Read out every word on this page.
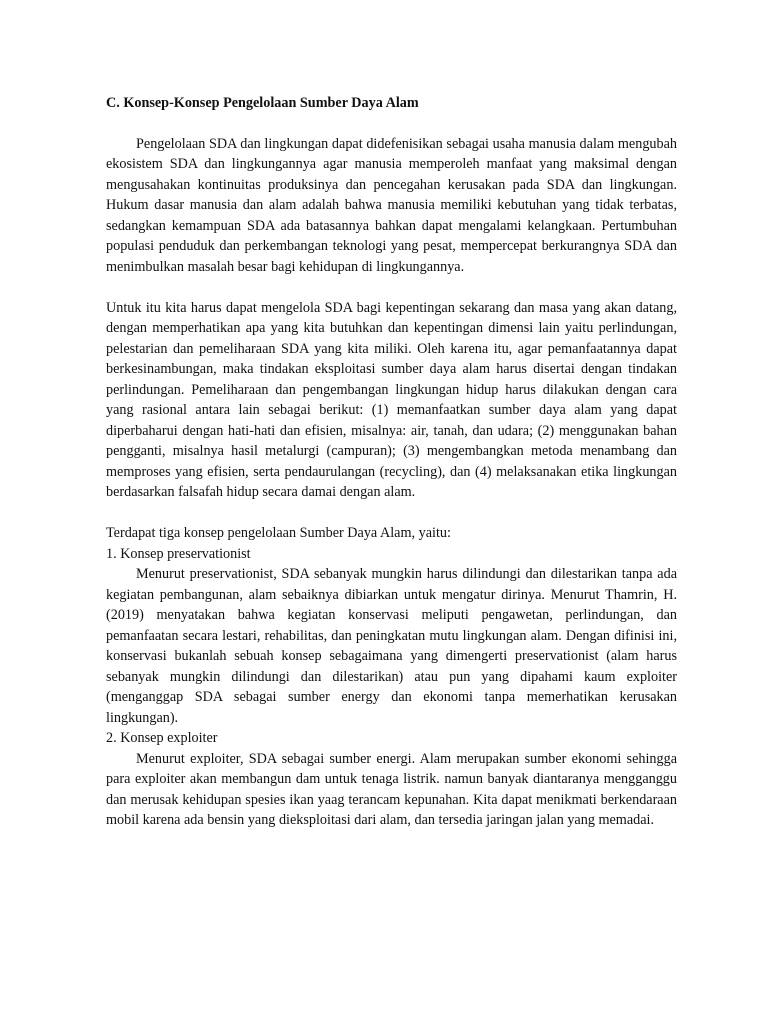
C. Konsep-Konsep Pengelolaan Sumber Daya Alam

Pengelolaan SDA dan lingkungan dapat didefenisikan sebagai usaha manusia dalam mengubah ekosistem SDA dan lingkungannya agar manusia memperoleh manfaat yang maksimal dengan mengusahakan kontinuitas produksinya dan pencegahan kerusakan pada SDA dan lingkungan. Hukum dasar manusia dan alam adalah bahwa manusia memiliki kebutuhan yang tidak terbatas, sedangkan kemampuan SDA ada batasannya bahkan dapat mengalami kelangkaan. Pertumbuhan populasi penduduk dan perkembangan teknologi yang pesat, mempercepat berkurangnya SDA dan menimbulkan masalah besar bagi kehidupan di lingkungannya.

Untuk itu kita harus dapat mengelola SDA bagi kepentingan sekarang dan masa yang akan datang, dengan memperhatikan apa yang kita butuhkan dan kepentingan dimensi lain yaitu perlindungan, pelestarian dan pemeliharaan SDA yang kita miliki. Oleh karena itu, agar pemanfaatannya dapat berkesinambungan, maka tindakan eksploitasi sumber daya alam harus disertai dengan tindakan perlindungan. Pemeliharaan dan pengembangan lingkungan hidup harus dilakukan dengan cara yang rasional antara lain sebagai berikut: (1) memanfaatkan sumber daya alam yang dapat diperbaharui dengan hati-hati dan efisien, misalnya: air, tanah, dan udara; (2) menggunakan bahan pengganti, misalnya hasil metalurgi (campuran); (3) mengembangkan metoda menambang dan memproses yang efisien, serta pendaurulangan (recycling), dan (4) melaksanakan etika lingkungan berdasarkan falsafah hidup secara damai dengan alam.

Terdapat tiga konsep pengelolaan Sumber Daya Alam, yaitu:

1. Konsep preservationist

Menurut preservationist, SDA sebanyak mungkin harus dilindungi dan dilestarikan tanpa ada kegiatan pembangunan, alam sebaiknya dibiarkan untuk mengatur dirinya. Menurut Thamrin, H. (2019) menyatakan bahwa kegiatan konservasi meliputi pengawetan, perlindungan, dan pemanfaatan secara lestari, rehabilitas, dan peningkatan mutu lingkungan alam. Dengan difinisi ini, konservasi bukanlah sebuah konsep sebagaimana yang dimengerti preservationist (alam harus sebanyak mungkin dilindungi dan dilestarikan) atau pun yang dipahami kaum exploiter (menganggap SDA sebagai sumber energy dan ekonomi tanpa memerhatikan kerusakan lingkungan).

2. Konsep exploiter

Menurut exploiter, SDA sebagai sumber energi. Alam merupakan sumber ekonomi sehingga para exploiter akan membangun dam untuk tenaga listrik. namun banyak diantaranya mengganggu dan merusak kehidupan spesies ikan yaag terancam kepunahan. Kita dapat menikmati berkendaraan mobil karena ada bensin yang dieksploitasi dari alam, dan tersedia jaringan jalan yang memadai.
